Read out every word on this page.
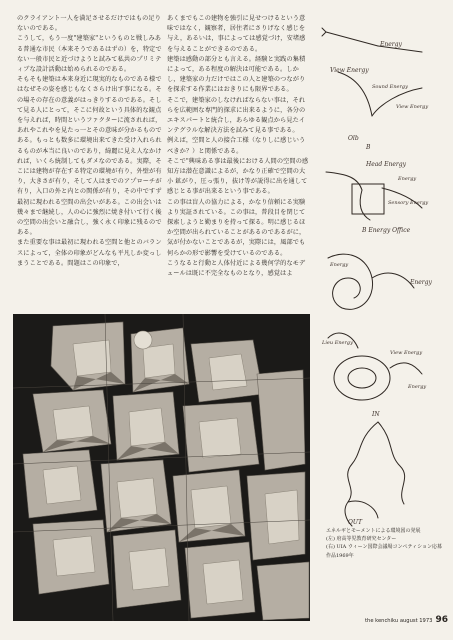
のクライアント一人を満足させるだけではもの足りないのである。

こうして，もう一度"建築家"というものと戦しみある普通な市民（本来そうであるはずの）を，特定でない一般市民と近づけようと試みて私共のプリミティブな設計活動は始められるのである。

そもそも建築は本来身近に現実的なものである様ではなぜその姿を感じもなくさらけ出す事になる。その場その存在の意義がはっきりするのである。そして見る人にとって，そこに何故という具体的な観点を与えれば，時間というファクターに流されれば，あれやこれやを見たっ一とその意味が分かるものである。もっとも数多に環境出来てきた受け入れられるものが本当に良いのであり，綺麗に見え人なかければ，いくら統制してもダメなのである。実際，そこには建物が存在する特定の環境が有り，外壁が有り，大きさが有り，そして人はまでのアプローチが有り，入口の外と内との関係が有り，その中ですず最初に現われる空間の出会いがある。この出会いは幾々まで継続し，人の心に強烈に焼き付いて行く後の空間の出会いと融合し，強く永く印象に残るのである。

また重要な事は最初に現われる空間と他とのバランスによって，全体の印象がどんなも平凡しか変っしまうことである。間題はこの印象で，

あくまでもこの建物を強引に見せつけるという意味ではなく，観察者，居住者にさりげなく感じを与え，あるいは，事によっては感覚づけ，安堵感を与えることができるのである。

建築は感動の部分とも言える。経験と実践の集積によって，ある程度の解決は可能である。しかし，建築家の力だけではこの人と建築のつながりを探求する作業にはおきりにも限界である。

そこで，建築家のしなければならない事は，それらを広範囲な専門的探求に出来るように，各分のエキスパートと統合し，あらゆる観点から見たインテグラルな解決方法を試みて見る事である。

例えば，空間と人の接合工様（なりしに感じいうべきか？）と関係である。

そこで"興味ある事は最後における人間の空間の感知方は潜在意識によるが，かなり正確で空間の大小 鉱がり，圧っ張り，抜け等が説得に出を通して感じとる事が出来るという事である。

この事は盲人の協力による，かなり信頼にる実験より実証されている。この事は，普段目を閉じて探索しようと勤まりを持って探る。明に感じるほか空間が出られていることがあるのであるがに，気が付かないことであるが，実際には，風部でも何らかの形で影響を受けているのである。

こうなると行動と人体付近による幾何学的なモデュールは既に不完全なものとなり，感覚はよ

Energy
View Energy
Sound Energy
View Energy
Olb
B
Head Energy
Energy
Sensory Energy
B Energy Office
Energy
Energy
Lieu Energy
View Energy
Energy
IN
OUT

エネルギとモーメントによる環境図の発展

(左) 府高等児教育研究センター

(右) UIA ウィーン国際会議場コンペティション応募作品1969年

the kenchiku august 1973 96
